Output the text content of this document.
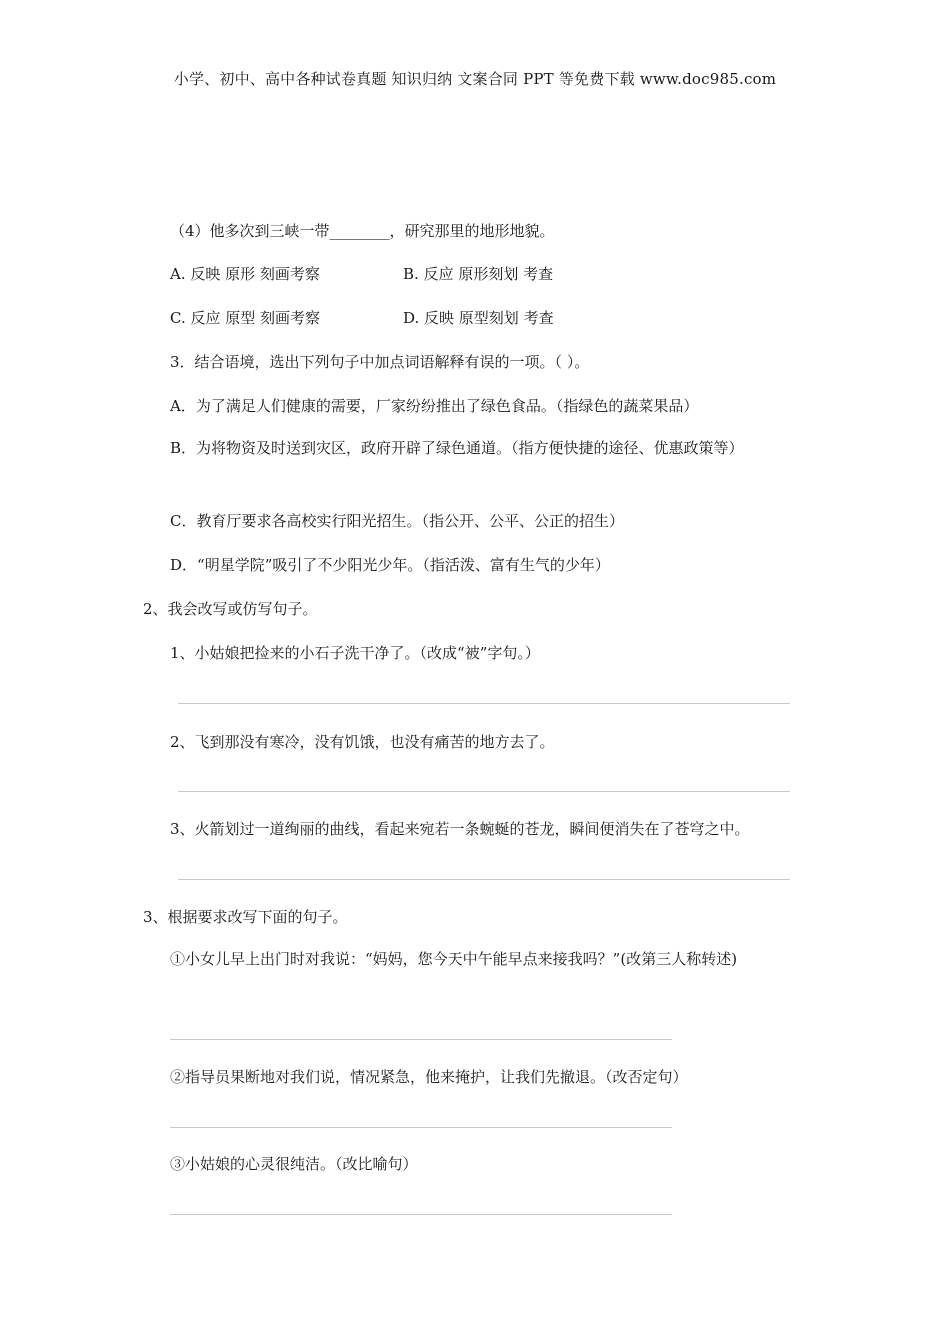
小学、初中、高中各种试卷真题 知识归纳 文案合同 PPT 等免费下载 www.doc985.com
（4）他多次到三峡一带________，研究那里的地形地貌。
A. 反映 原形 刻画考察	B. 反应 原形刻划 考查
C. 反应 原型 刻画考察	D. 反映 原型刻划 考查
3．结合语境，选出下列句子中加点词语解释有误的一项。（ ）。
A．为了满足人们健康的需要，厂家纷纷推出了绿色食品。（指绿色的蔬菜果品）
B．为将物资及时送到灾区，政府开辟了绿色通道。（指方便快捷的途径、优惠政策等）
C．教育厅要求各高校实行阳光招生。（指公开、公平、公正的招生）
D．“明星学院”吸引了不少阳光少年。（指活泼、富有生气的少年）
2、我会改写或仿写句子。
1、小姑娘把捡来的小石子洗干净了。（改成“被”字句。）
2、飞到那没有寒冷，没有饥饿，也没有痛苦的地方去了。
3、火箭划过一道绚丽的曲线，看起来宛若一条蜿蜒的苍龙，瞬间便消失在了苍穹之中。
3、根据要求改写下面的句子。
①小女儿早上出门时对我说：“妈妈，您今天中午能早点来接我吗？”(改第三人称转述)
②指导员果断地对我们说，情况紧急，他来掩护，让我们先撤退。（改否定句）
③小姑娘的心灵很纯洁。（改比喻句）
